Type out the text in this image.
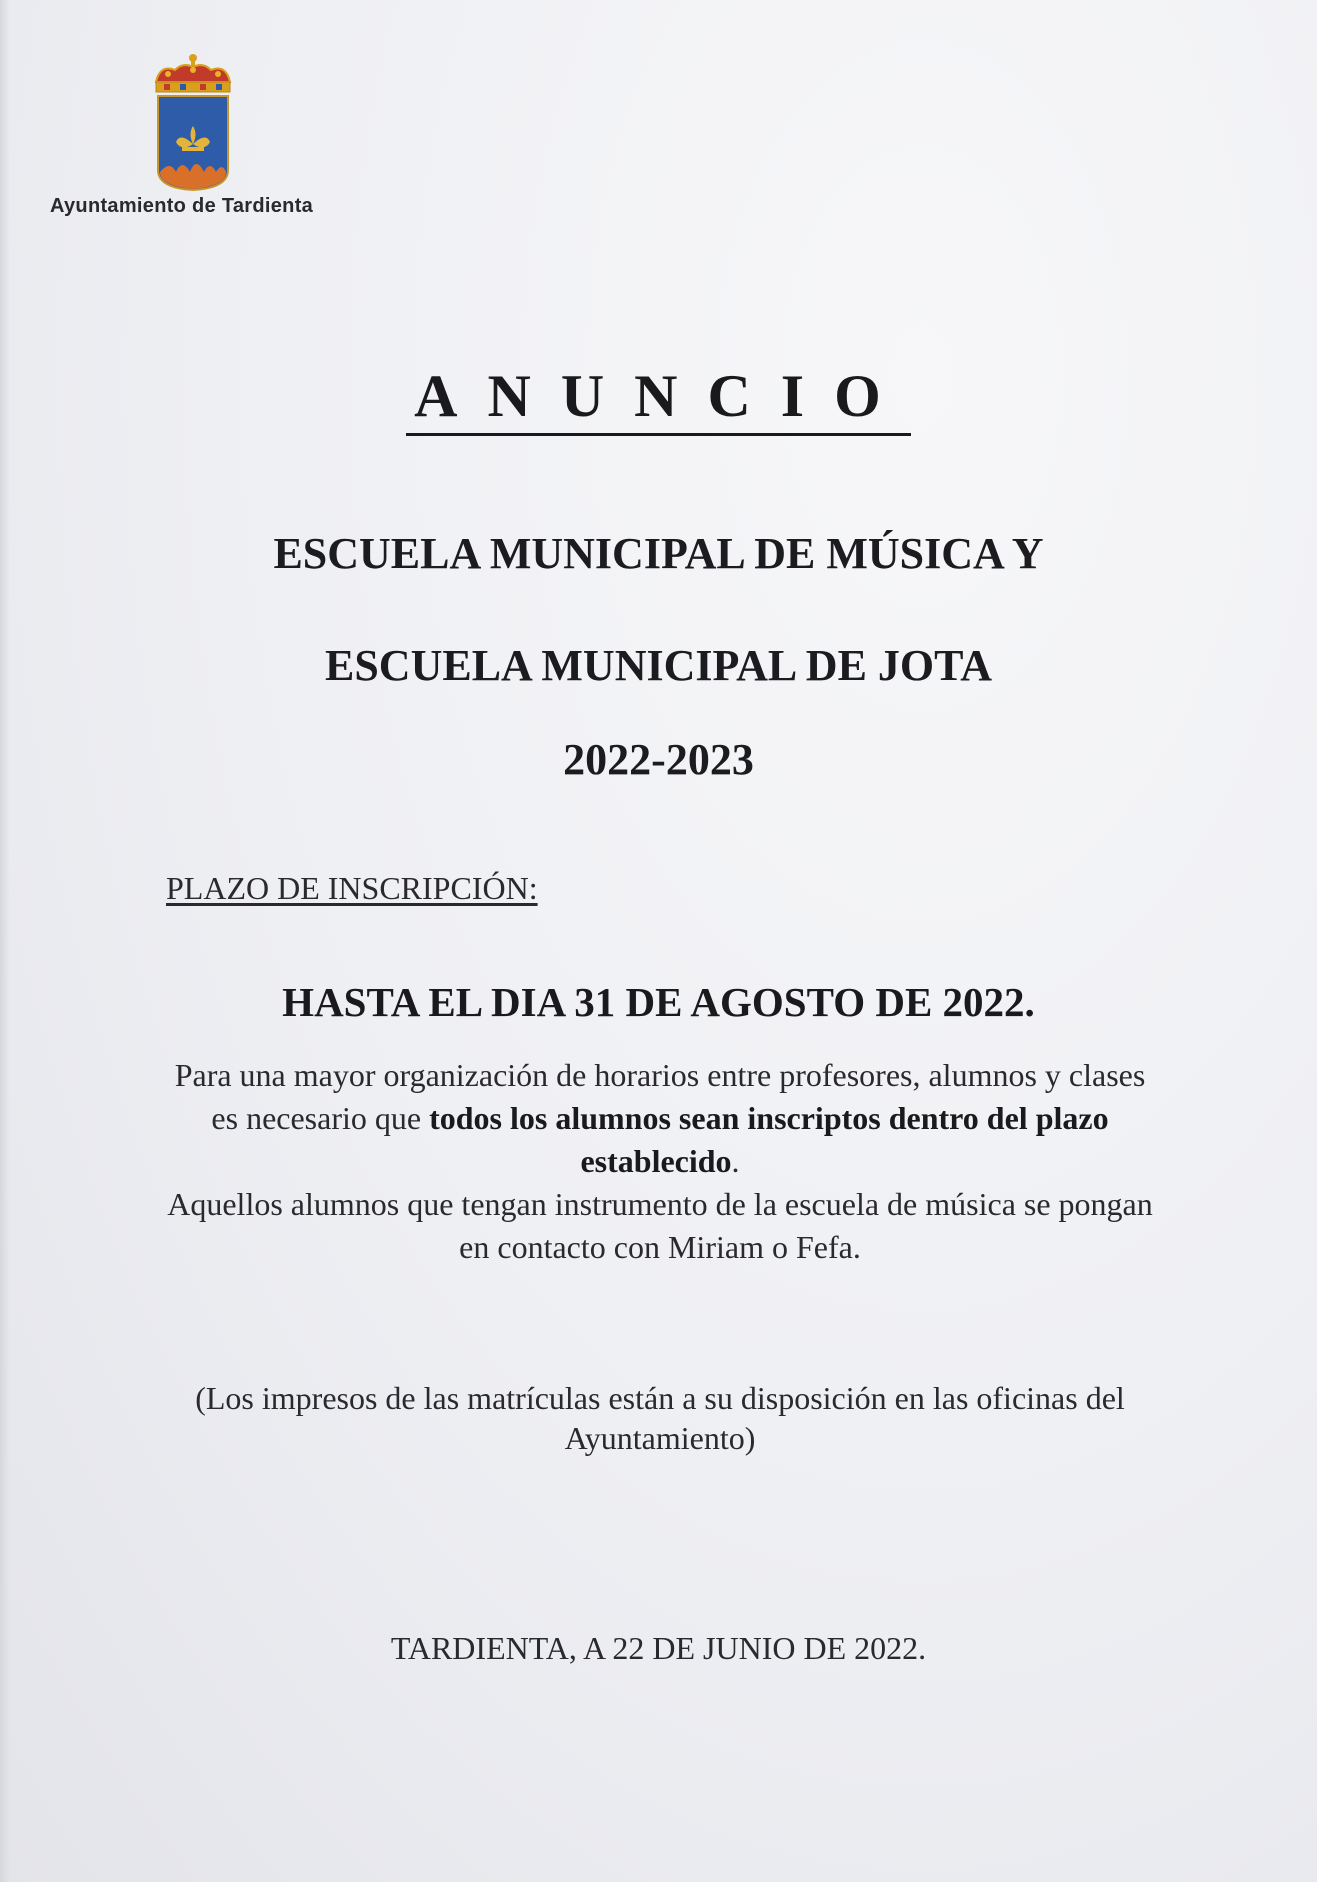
Ayuntamiento de Tardienta
ANUNCIO
ESCUELA MUNICIPAL DE MÚSICA Y
ESCUELA MUNICIPAL DE JOTA
2022-2023
PLAZO DE INSCRIPCIÓN:
HASTA EL DIA 31 DE AGOSTO DE 2022.
Para una mayor organización de horarios entre profesores, alumnos y clases es necesario que todos los alumnos sean inscriptos dentro del plazo establecido.
Aquellos alumnos que tengan instrumento de la escuela de música se pongan en contacto con Miriam o Fefa.
(Los impresos de las matrículas están a su disposición en las oficinas del Ayuntamiento)
TARDIENTA, A 22 DE JUNIO DE 2022.
